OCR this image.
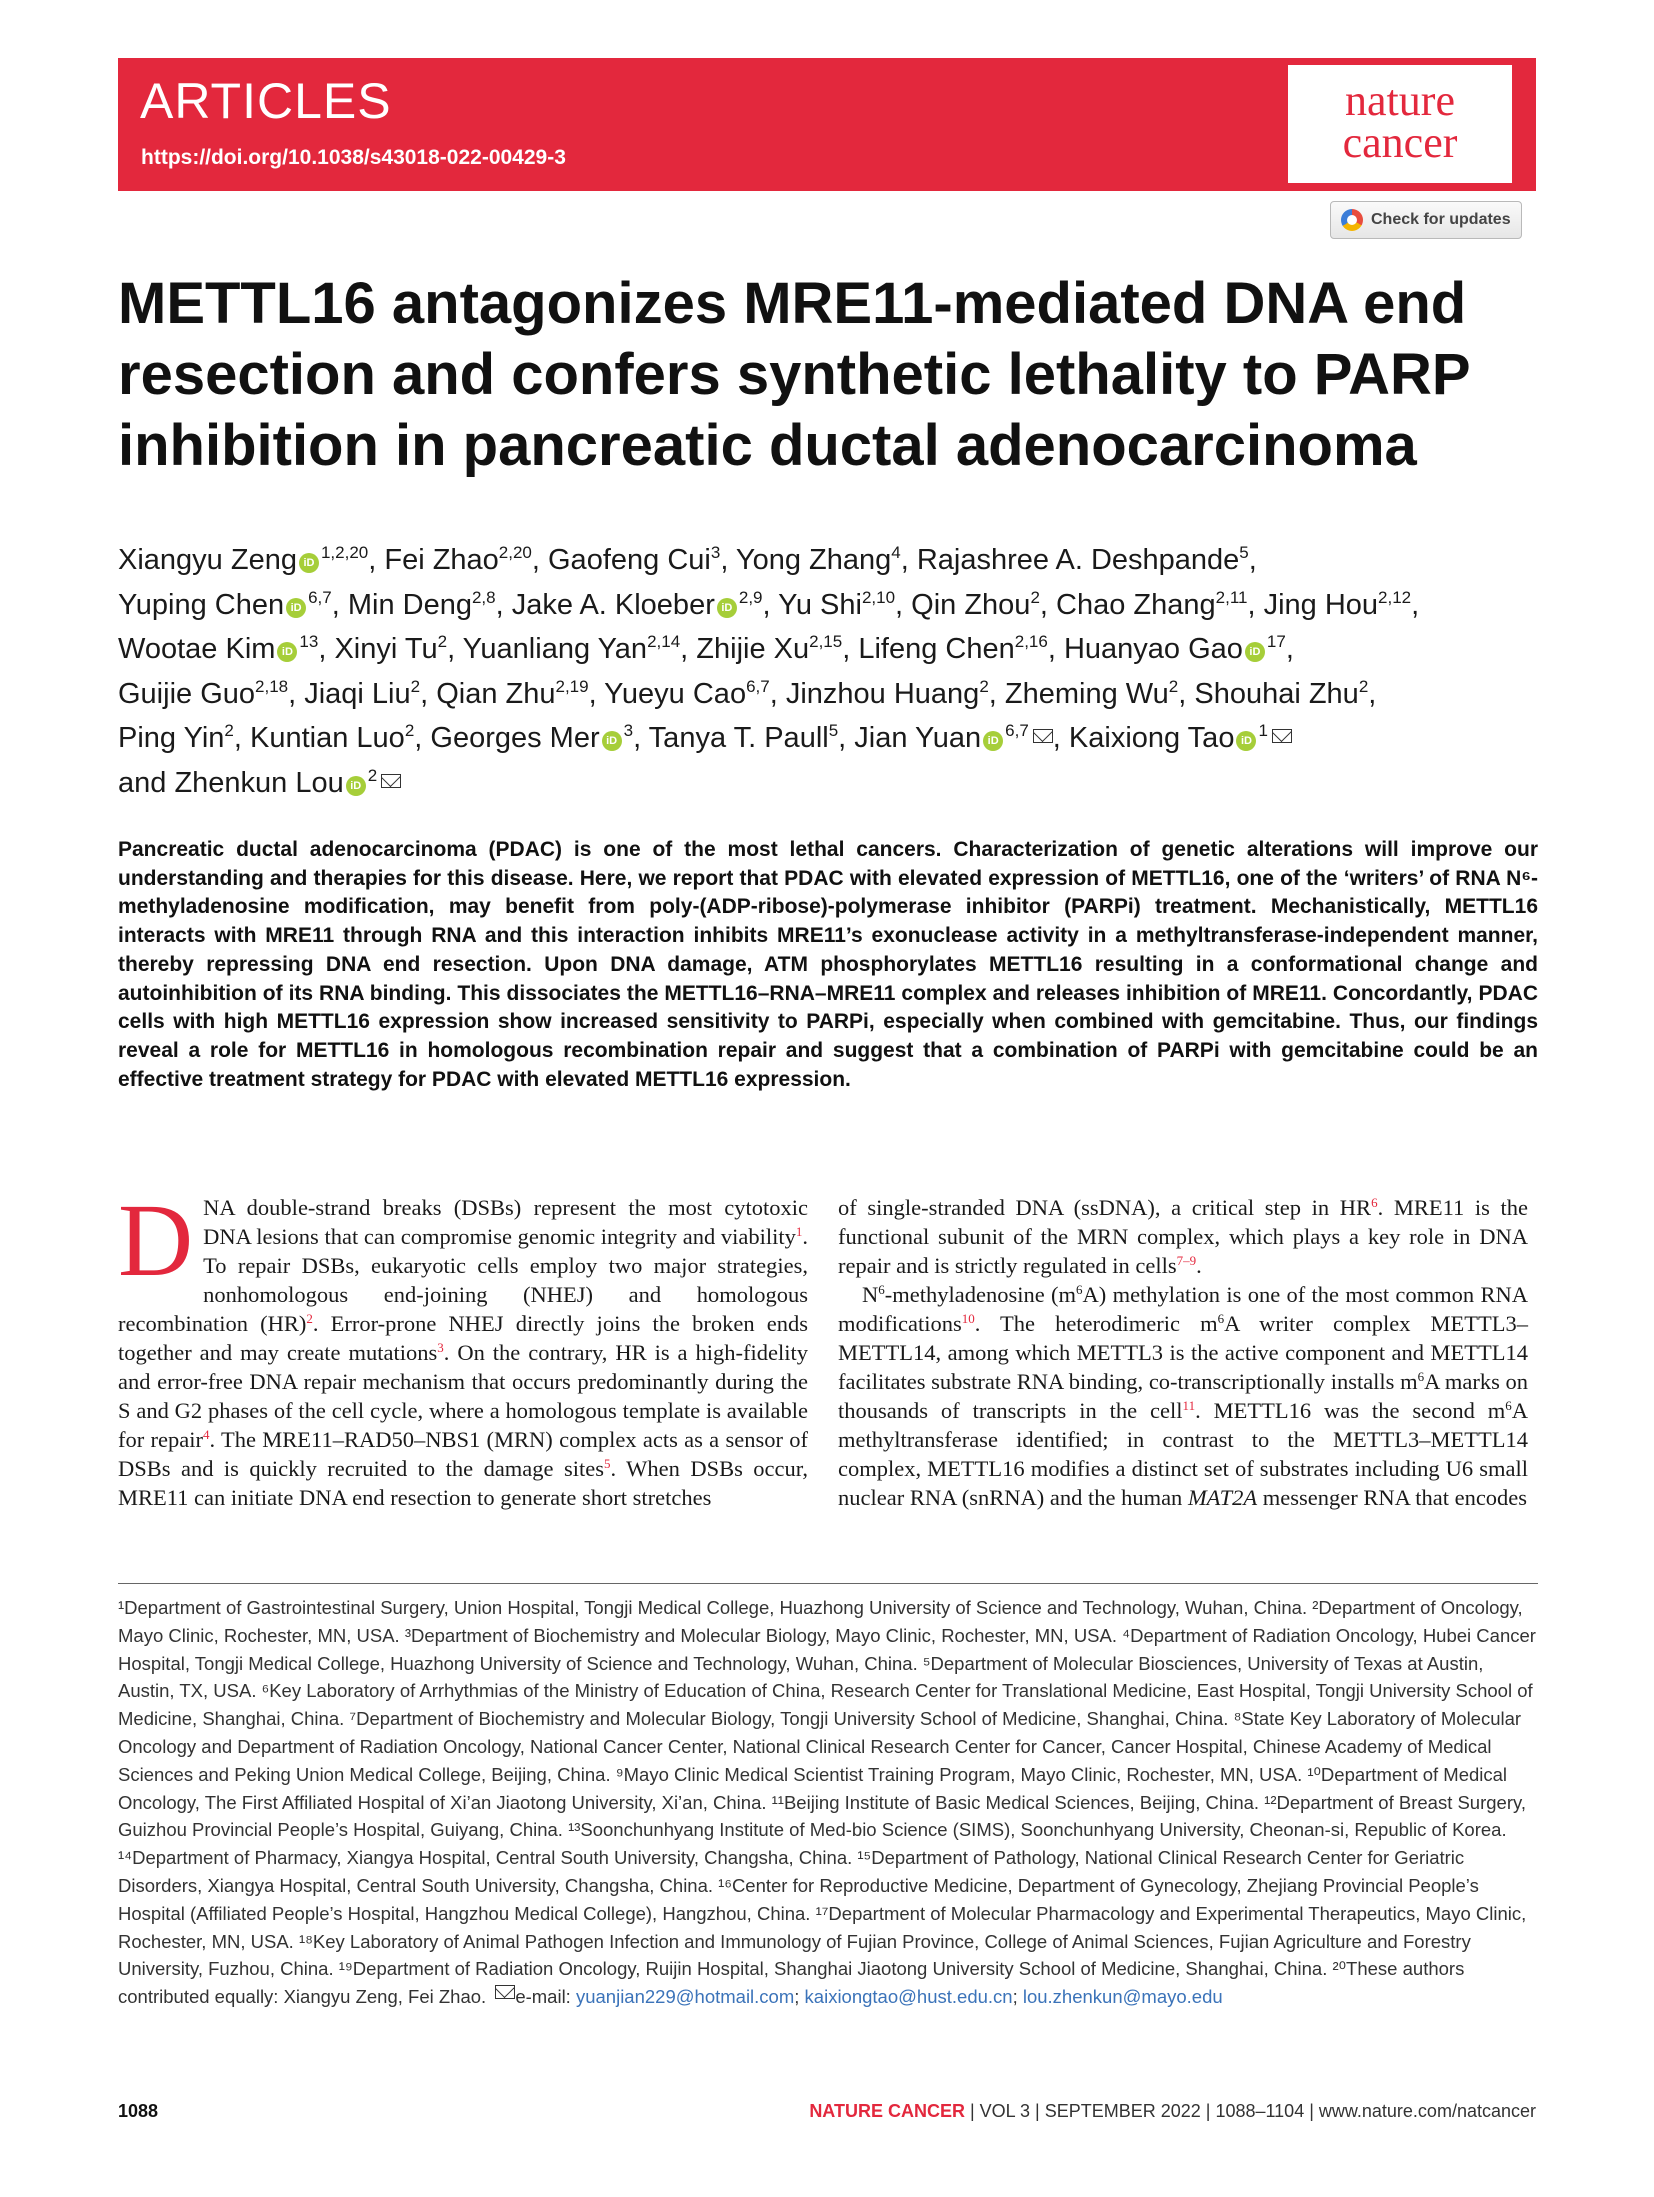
ARTICLES
https://doi.org/10.1038/s43018-022-00429-3
nature
cancer
Check for updates
METTL16 antagonizes MRE11-mediated DNA end
resection and confers synthetic lethality to PARP
inhibition in pancreatic ductal adenocarcinoma
Xiangyu Zeng iD$^{1,2,20}$, Fei Zhao$^{2,20}$, Gaofeng Cui$^3$, Yong Zhang$^4$, Rajashree A. Deshpande$^5$,
Yuping Chen iD$^{6,7}$, Min Deng$^{2,8}$, Jake A. Kloeber iD$^{2,9}$, Yu Shi$^{2,10}$, Qin Zhou$^2$, Chao Zhang$^{2,11}$, Jing Hou$^{2,12}$,
Wootae Kim $iD^{13}$, Xinyi Tu$^2$, Yuanliang Yan$^{2,14}$, Zhijie Xu$^{2,15}$, Lifeng Chen$^{2,16}$, Huanyao Gao $iD^{17}$,
Guijie Guo$^{2,18}$, Jiaqi Liu$^2$, Qian Zhu$^{2,19}$, Yueyu Cao$^{6,7}$, Jinzhou Huang$^2$, Zheming Wu$^2$, Shouhai Zhu$^2$,
Ping Yin$^2$, Kuntian Luo$^2$, Georges Mer $iD^3$, Tanya T. Paull$^5$, Jian Yuan iD$^{6,7}$ , Kaixiong Tao $iD^1$
and Zhenkun Lou $iD^2$
Pancreatic ductal adenocarcinoma (PDAC) is one of the most lethal cancers. Characterization of genetic alterations will improve our understanding and therapies for this disease. Here, we report that PDAC with elevated expression of METTL16, one of the ‘writers’ of RNA N⁶-methyladenosine modification, may benefit from poly-(ADP-ribose)-polymerase inhibitor (PARPi) treatment. Mechanistically, METTL16 interacts with MRE11 through RNA and this interaction inhibits MRE11’s exonuclease activity in a methyltransferase-independent manner, thereby repressing DNA end resection. Upon DNA damage, ATM phosphorylates METTL16 resulting in a conformational change and autoinhibition of its RNA binding. This dissociates the METTL16–RNA–MRE11 complex and releases inhibition of MRE11. Concordantly, PDAC cells with high METTL16 expression show increased sensitivity to PARPi, especially when combined with gemcitabine. Thus, our findings reveal a role for METTL16 in homologous recombination repair and suggest that a combination of PARPi with gemcitabine could be an effective treatment strategy for PDAC with elevated METTL16 expression.

DNA double-strand breaks (DSBs) represent the most cytotoxic DNA lesions that can compromise genomic integrity and viability$^1$. To repair DSBs, eukaryotic cells employ two major strategies, nonhomologous end-joining (NHEJ) and homologous recombination (HR)$^2$. Error-prone NHEJ directly joins the broken ends together and may create mutations$^3$. On the contrary, HR is a high-fidelity and error-free DNA repair mechanism that occurs predominantly during the S and G2 phases of the cell cycle, where a homologous template is available for repair$^4$. The MRE11–RAD50–NBS1 (MRN) complex acts as a sensor of DSBs and is quickly recruited to the damage sites$^5$. When DSBs occur, MRE11 can initiate DNA end resection to generate short stretches

of single-stranded DNA (ssDNA), a critical step in HR$^6$. MRE11 is the functional subunit of the MRN complex, which plays a key role in DNA repair and is strictly regulated in cells$^{7-9}$.

$N^6$-methyladenosine $(m^6A)$ methylation is one of the most common RNA modifications$^{10}$. The heterodimeric $m^6A$ writer complex METTL3–METTL14, among which METTL3 is the active component and METTL14 facilitates substrate RNA binding, co-transcriptionally installs $m^6A$ marks on thousands of transcripts in the cell$^{11}$. METTL16 was the second $m^6A$ methyltransferase identified; in contrast to the METTL3–METTL14 complex, METTL16 modifies a distinct set of substrates including U6 small nuclear RNA (snRNA) and the human MAT2A messenger RNA that encodes

¹Department of Gastrointestinal Surgery, Union Hospital, Tongji Medical College, Huazhong University of Science and Technology, Wuhan, China. ²Department of Oncology, Mayo Clinic, Rochester, MN, USA. ³Department of Biochemistry and Molecular Biology, Mayo Clinic, Rochester, MN, USA. ⁴Department of Radiation Oncology, Hubei Cancer Hospital, Tongji Medical College, Huazhong University of Science and Technology, Wuhan, China. ⁵Department of Molecular Biosciences, University of Texas at Austin, Austin, TX, USA. ⁶Key Laboratory of Arrhythmias of the Ministry of Education of China, Research Center for Translational Medicine, East Hospital, Tongji University School of Medicine, Shanghai, China. ⁷Department of Biochemistry and Molecular Biology, Tongji University School of Medicine, Shanghai, China. ⁸State Key Laboratory of Molecular Oncology and Department of Radiation Oncology, National Cancer Center, National Clinical Research Center for Cancer, Cancer Hospital, Chinese Academy of Medical Sciences and Peking Union Medical College, Beijing, China. ⁹Mayo Clinic Medical Scientist Training Program, Mayo Clinic, Rochester, MN, USA. ¹⁰Department of Medical Oncology, The First Affiliated Hospital of Xi’an Jiaotong University, Xi’an, China. ¹¹Beijing Institute of Basic Medical Sciences, Beijing, China. ¹²Department of Breast Surgery, Guizhou Provincial People’s Hospital, Guiyang, China. ¹³Soonchunhyang Institute of Med-bio Science (SIMS), Soonchunhyang University, Cheonan-si, Republic of Korea. ¹⁴Department of Pharmacy, Xiangya Hospital, Central South University, Changsha, China. ¹⁵Department of Pathology, National Clinical Research Center for Geriatric Disorders, Xiangya Hospital, Central South University, Changsha, China. ¹⁶Center for Reproductive Medicine, Department of Gynecology, Zhejiang Provincial People’s Hospital (Affiliated People’s Hospital, Hangzhou Medical College), Hangzhou, China. ¹⁷Department of Molecular Pharmacology and Experimental Therapeutics, Mayo Clinic, Rochester, MN, USA. ¹⁸Key Laboratory of Animal Pathogen Infection and Immunology of Fujian Province, College of Animal Sciences, Fujian Agriculture and Forestry University, Fuzhou, China. ¹⁹Department of Radiation Oncology, Ruijin Hospital, Shanghai Jiaotong University School of Medicine, Shanghai, China. ²⁰These authors contributed equally: Xiangyu Zeng, Fei Zhao. e-mail: yuanjian229@hotmail.com; kaixiongtao@hust.edu.cn; lou.zhenkun@mayo.edu
1088	NATURE CANCER | VOL 3 | SEPTEMBER 2022 | 1088–1104 | www.nature.com/natcancer
